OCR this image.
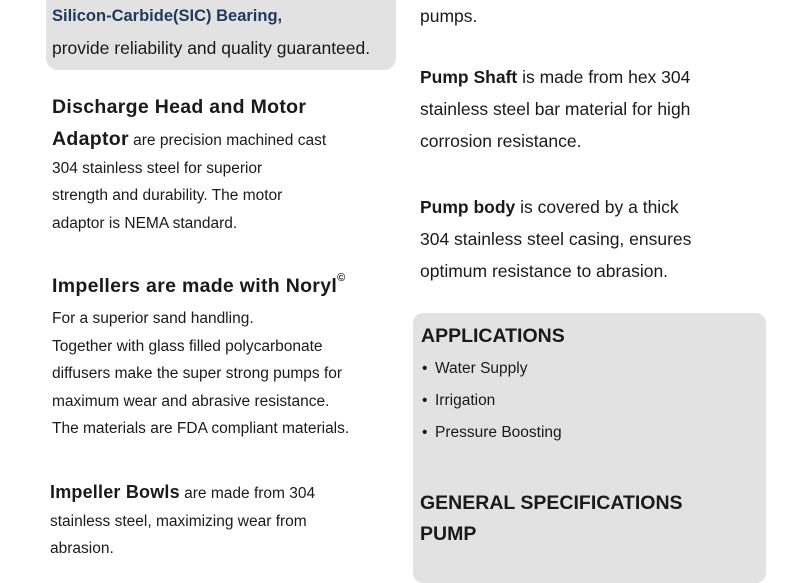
Silicon-Carbide(SIC) Bearing,
provide reliability and quality guaranteed.
pumps.
Discharge Head and Motor
Adaptor are precision machined cast
304 stainless steel for superior
strength and durability. The motor
adaptor is NEMA standard.
Impellers are made with Noryl©
For a superior sand handling.
Together with glass filled polycarbonate
diffusers make the super strong pumps for
maximum wear and abrasive resistance.
The materials are FDA compliant materials.
Impeller Bowls are made from 304
stainless steel, maximizing wear from
abrasion.
Pump Shaft is made from hex 304
stainless steel bar material for high
corrosion resistance.
Pump body is covered by a thick
304 stainless steel casing, ensures
optimum resistance to abrasion.
APPLICATIONS
• Water Supply
• Irrigation
• Pressure Boosting
GENERAL SPECIFICATIONS
PUMP
